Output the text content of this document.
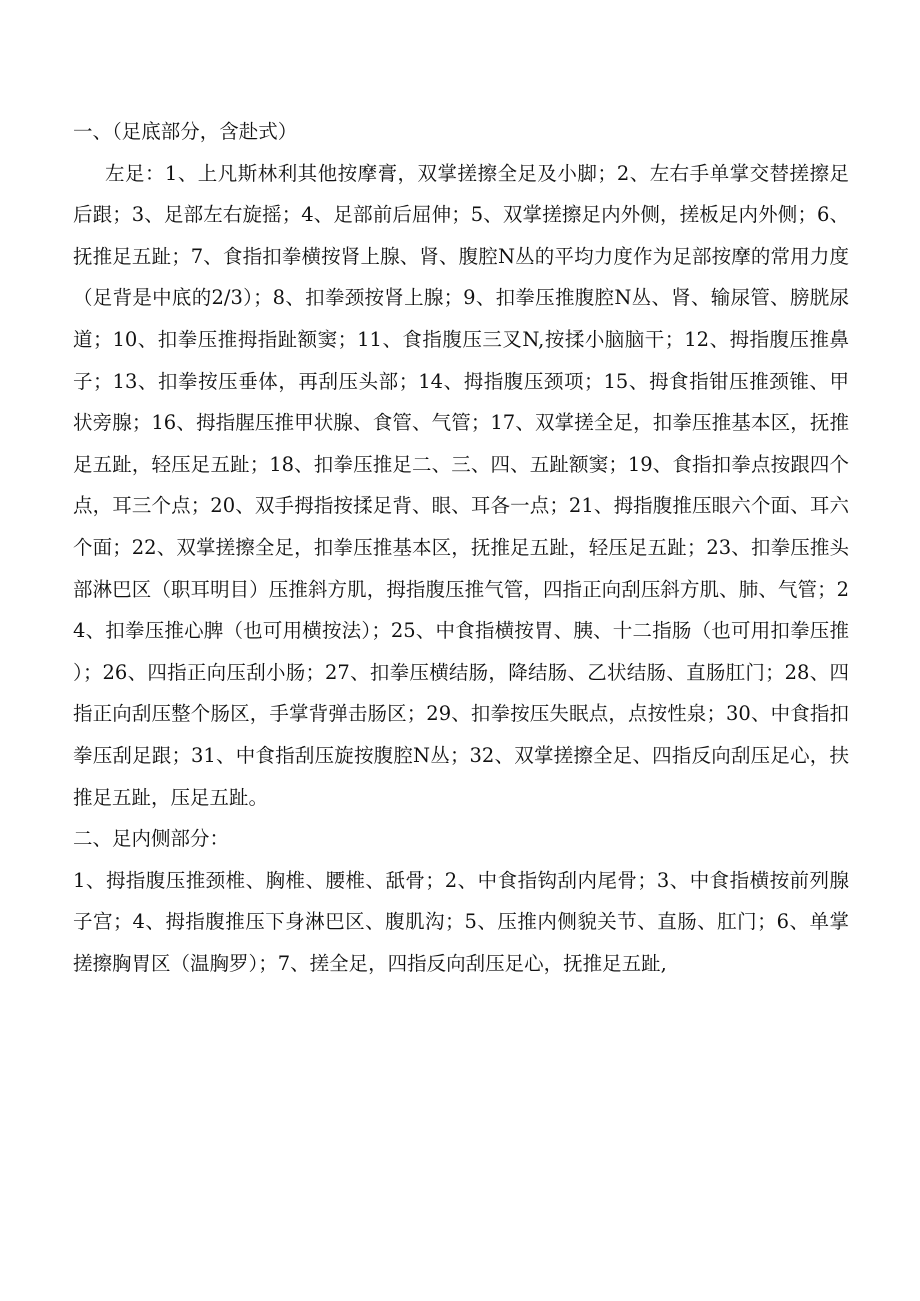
一、（足底部分，含赴式）

左足：1、上凡斯林利其他按摩膏，双掌搓擦全足及小脚；2、左右手单掌交替搓擦足后跟；3、足部左右旋摇；4、足部前后屈伸；5、双掌搓擦足内外侧，搓板足内外侧；6、抚推足五趾；7、食指扣拳横按肾上腺、肾、腹腔N丛的平均力度作为足部按摩的常用力度（足背是中底的2/3）；8、扣拳颈按肾上腺；9、扣拳压推腹腔N丛、肾、输尿管、膀胱尿道；10、扣拳压推拇指趾额窦；11、食指腹压三叉N,按揉小脑脑干；12、拇指腹压推鼻子；13、扣拳按压垂体，再刮压头部；14、拇指腹压颈项；15、拇食指钳压推颈锥、甲状旁腺；16、拇指腥压推甲状腺、食管、气管；17、双掌搓全足，扣拳压推基本区，抚推足五趾，轻压足五趾；18、扣拳压推足二、三、四、五趾额窦；19、食指扣拳点按跟四个点，耳三个点；20、双手拇指按揉足背、眼、耳各一点；21、拇指腹推压眼六个面、耳六个面；22、双掌搓擦全足，扣拳压推基本区，抚推足五趾，轻压足五趾；23、扣拳压推头部淋巴区（职耳明目）压推斜方肌，拇指腹压推气管，四指正向刮压斜方肌、肺、气管；24、扣拳压推心脾（也可用横按法）；25、中食指横按胃、胰、十二指肠（也可用扣拳压推）；26、四指正向压刮小肠；27、扣拳压横结肠，降结肠、乙状结肠、直肠肛门；28、四指正向刮压整个肠区，手掌背弹击肠区；29、扣拳按压失眠点，点按性泉；30、中食指扣拳压刮足跟；31、中食指刮压旋按腹腔N丛；32、双掌搓擦全足、四指反向刮压足心，扶推足五趾，压足五趾。

二、足内侧部分：

1、拇指腹压推颈椎、胸椎、腰椎、舐骨；2、中食指钩刮内尾骨；3、中食指横按前列腺子宫；4、拇指腹推压下身淋巴区、腹肌沟；5、压推内侧貌关节、直肠、肛门；6、单掌搓擦胸胃区（温胸罗）；7、搓全足，四指反向刮压足心，抚推足五趾,
